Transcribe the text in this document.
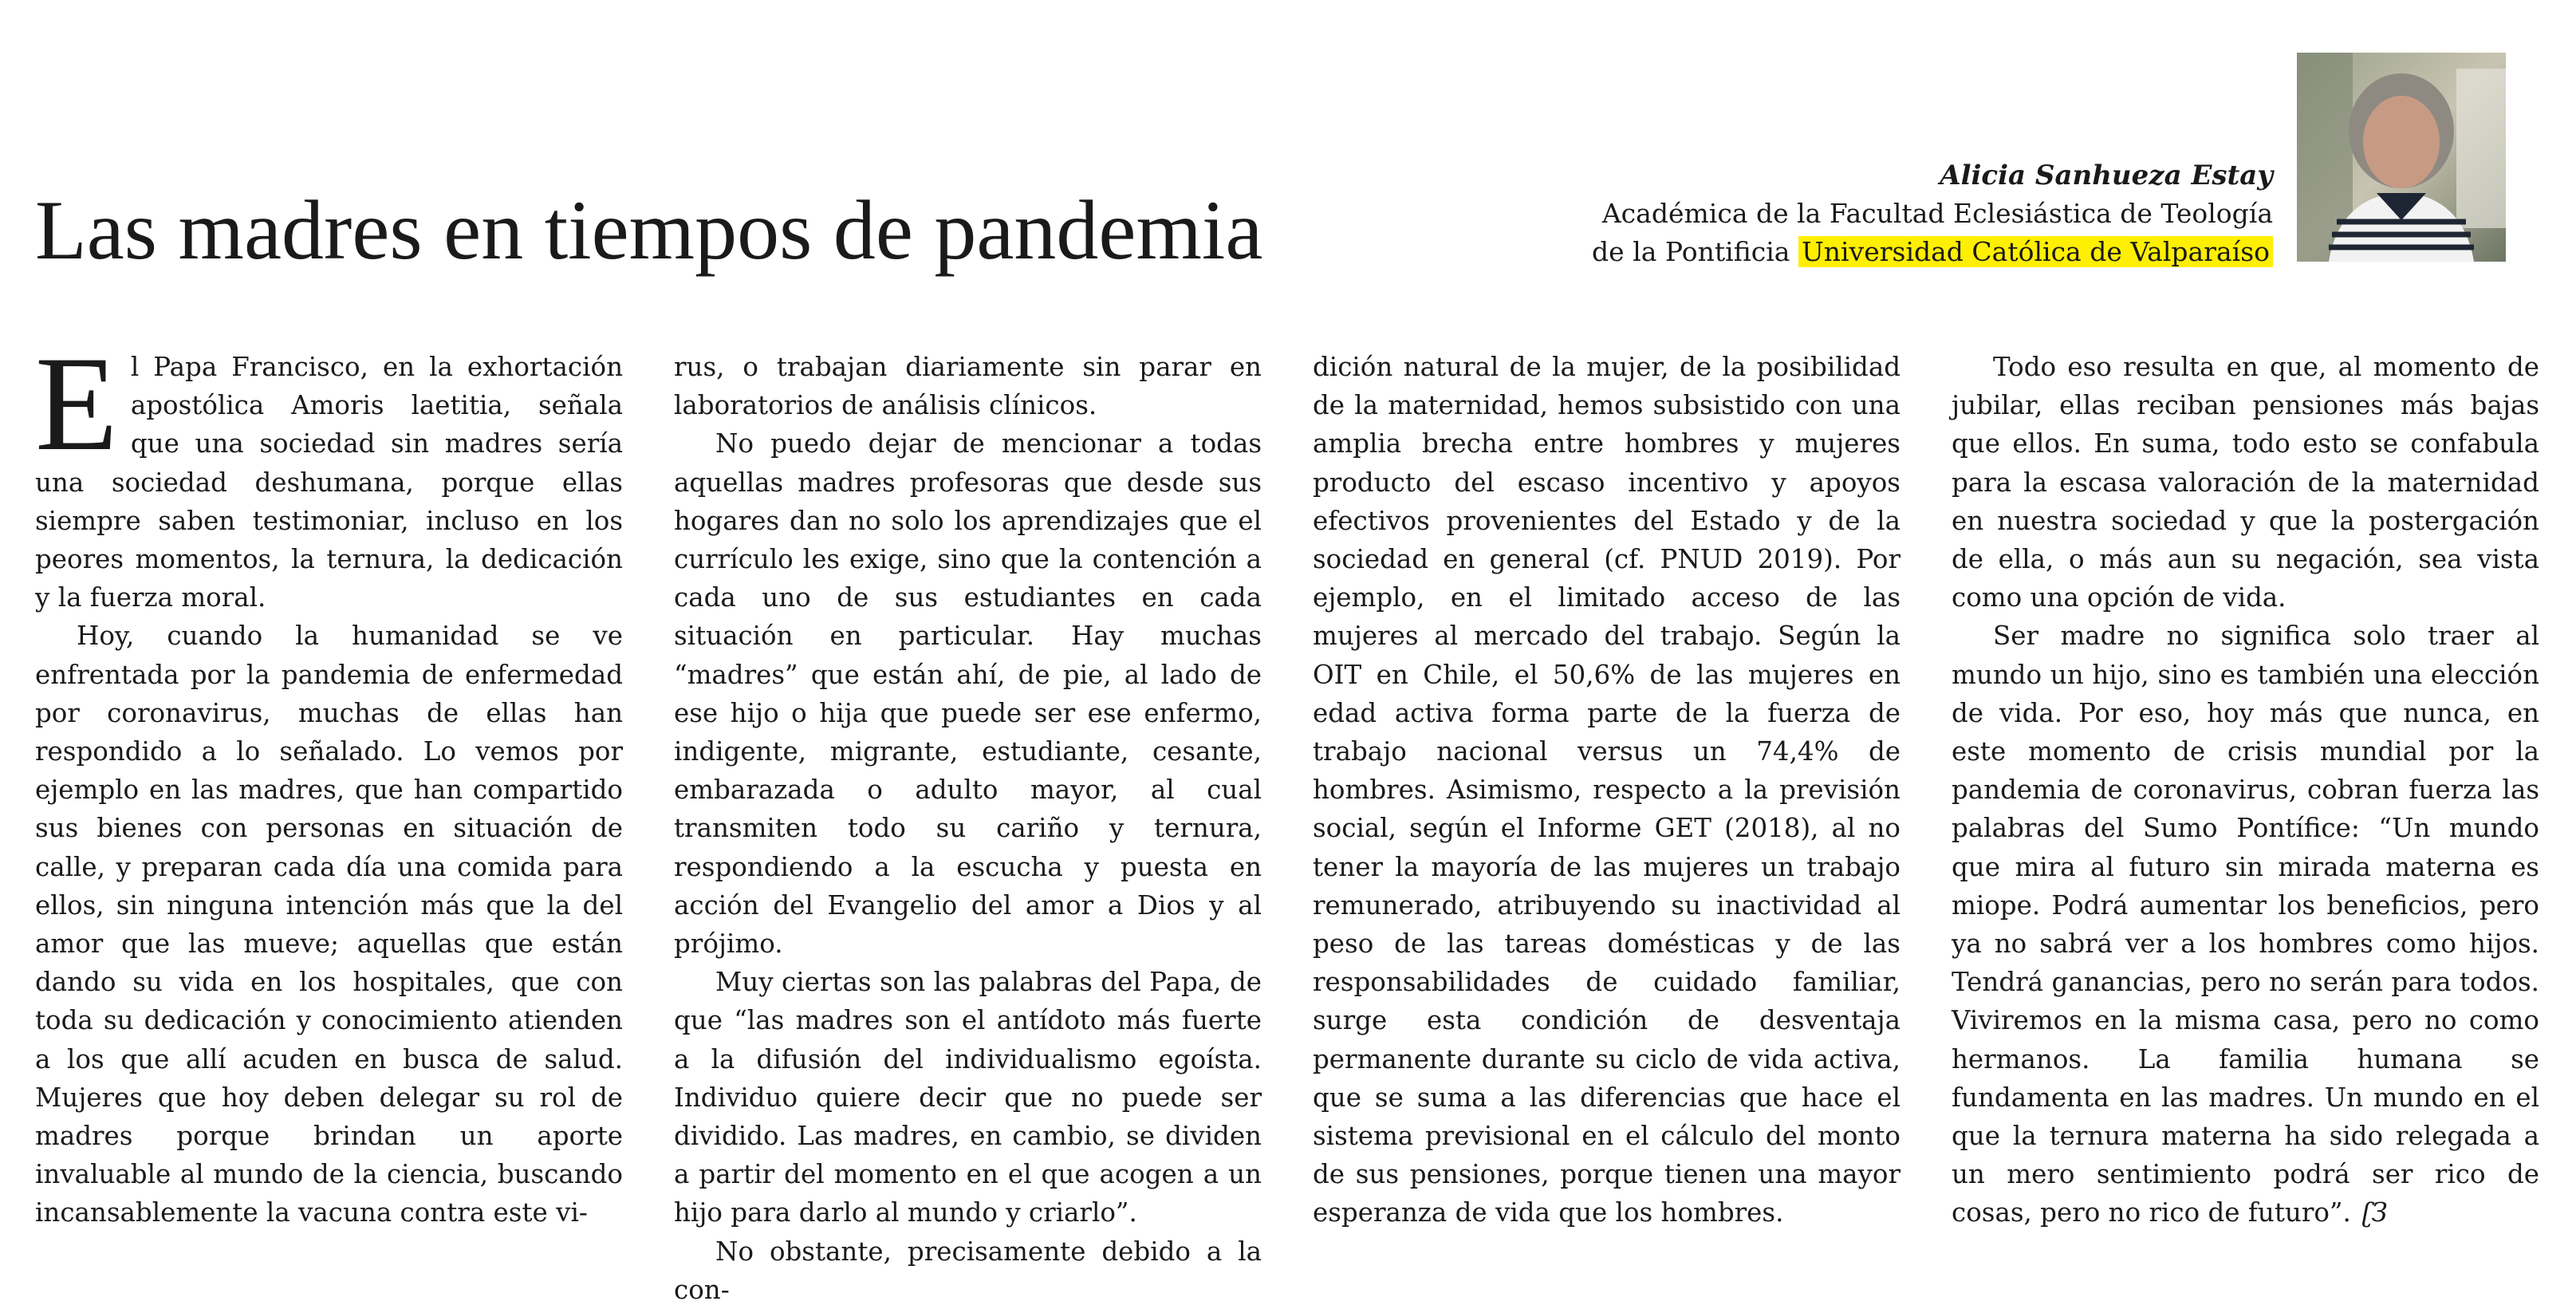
Las madres en tiempos de pandemia
Alicia Sanhueza Estay
Académica de la Facultad Eclesiástica de Teología
de la Pontificia Universidad Católica de Valparaíso

El Papa Francisco, en la exhortación apostólica Amoris laetitia, señala que una sociedad sin madres sería una sociedad deshumana, porque ellas siempre saben testimoniar, incluso en los peores momentos, la ternura, la dedicación y la fuerza moral.

Hoy, cuando la humanidad se ve enfrentada por la pandemia de enfermedad por coronavirus, muchas de ellas han respondido a lo señalado. Lo vemos por ejemplo en las madres, que han compartido sus bienes con personas en situación de calle, y preparan cada día una comida para ellos, sin ninguna intención más que la del amor que las mueve; aquellas que están dando su vida en los hospitales, que con toda su dedicación y conocimiento atienden a los que allí acuden en busca de salud. Mujeres que hoy deben delegar su rol de madres porque brindan un aporte invaluable al mundo de la ciencia, buscando incansablemente la vacuna contra este vi-

rus, o trabajan diariamente sin parar en laboratorios de análisis clínicos.

No puedo dejar de mencionar a todas aquellas madres profesoras que desde sus hogares dan no solo los aprendizajes que el currículo les exige, sino que la contención a cada uno de sus estudiantes en cada situación en particular. Hay muchas “madres” que están ahí, de pie, al lado de ese hijo o hija que puede ser ese enfermo, indigente, migrante, estudiante, cesante, embarazada o adulto mayor, al cual transmiten todo su cariño y ternura, respondiendo a la escucha y puesta en acción del Evangelio del amor a Dios y al prójimo.

Muy ciertas son las palabras del Papa, de que “las madres son el antídoto más fuerte a la difusión del individualismo egoísta. Individuo quiere decir que no puede ser dividido. Las madres, en cambio, se dividen a partir del momento en el que acogen a un hijo para darlo al mundo y criarlo”.

No obstante, precisamente debido a la con-

dición natural de la mujer, de la posibilidad de la maternidad, hemos subsistido con una amplia brecha entre hombres y mujeres producto del escaso incentivo y apoyos efectivos provenientes del Estado y de la sociedad en general (cf. PNUD 2019). Por ejemplo, en el limitado acceso de las mujeres al mercado del trabajo. Según la OIT en Chile, el 50,6% de las mujeres en edad activa forma parte de la fuerza de trabajo nacional versus un 74,4% de hombres. Asimismo, respecto a la previsión social, según el Informe GET (2018), al no tener la mayoría de las mujeres un trabajo remunerado, atribuyendo su inactividad al peso de las tareas domésticas y de las responsabilidades de cuidado familiar, surge esta condición de desventaja permanente durante su ciclo de vida activa, que se suma a las diferencias que hace el sistema previsional en el cálculo del monto de sus pensiones, porque tienen una mayor esperanza de vida que los hombres.

Todo eso resulta en que, al momento de jubilar, ellas reciban pensiones más bajas que ellos. En suma, todo esto se confabula para la escasa valoración de la maternidad en nuestra sociedad y que la postergación de ella, o más aun su negación, sea vista como una opción de vida.

Ser madre no significa solo traer al mundo un hijo, sino es también una elección de vida. Por eso, hoy más que nunca, en este momento de crisis mundial por la pandemia de coronavirus, cobran fuerza las palabras del Sumo Pontífice: “Un mundo que mira al futuro sin mirada materna es miope. Podrá aumentar los beneficios, pero ya no sabrá ver a los hombres como hijos. Tendrá ganancias, pero no serán para todos. Viviremos en la misma casa, pero no como hermanos. La familia humana se fundamenta en las madres. Un mundo en el que la ternura materna ha sido relegada a un mero sentimiento podrá ser rico de cosas, pero no rico de futuro”. ʗЗ
